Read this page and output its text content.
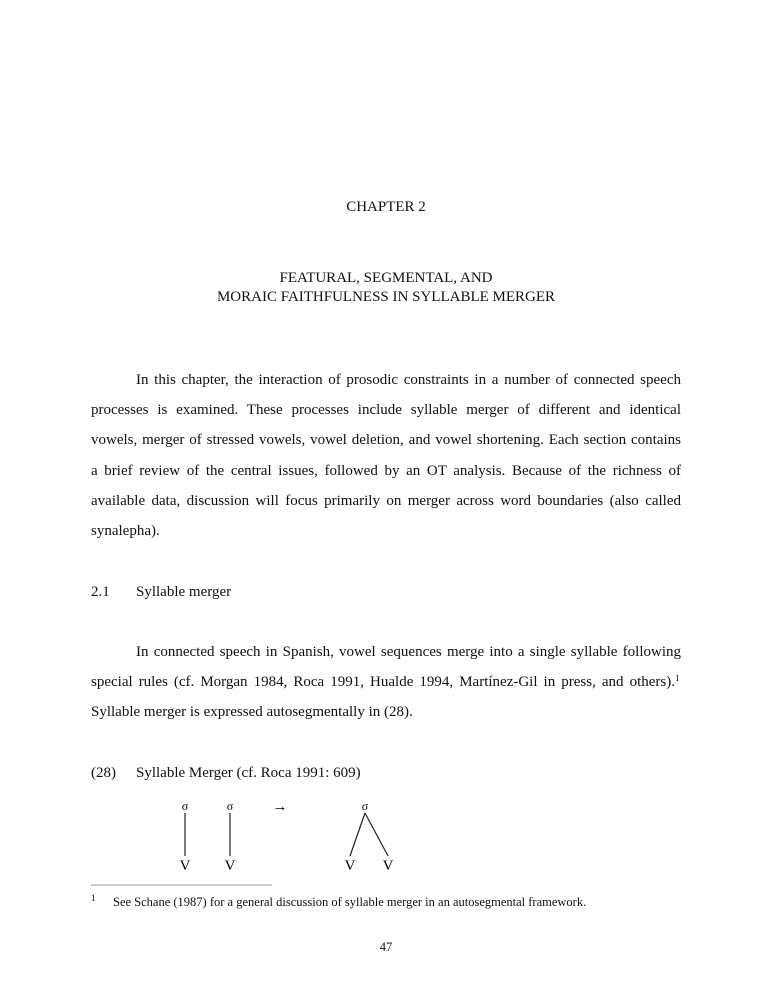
CHAPTER 2
FEATURAL, SEGMENTAL, AND
MORAIC FAITHFULNESS IN SYLLABLE MERGER
In this chapter, the interaction of prosodic constraints in a number of connected speech
processes is examined. These processes include syllable merger of different and identical
vowels, merger of stressed vowels, vowel deletion, and vowel shortening. Each section contains
a brief review of the central issues, followed by an OT analysis. Because of the richness of
available data, discussion will focus primarily on merger across word boundaries (also called
synalepha).
2.1 Syllable merger
In connected speech in Spanish, vowel sequences merge into a single syllable following
special rules (cf. Morgan 1984, Roca 1991, Hualde 1994, Martínez-Gil in press, and others).$^1$
Syllable merger is expressed autosegmentally in (28).
(28) Syllable Merger (cf. Roca 1991: 609)
σ	σ	→	σ
V V	V V
1 See Schane (1987) for a general discussion of syllable merger in an autosegmental framework.
47
